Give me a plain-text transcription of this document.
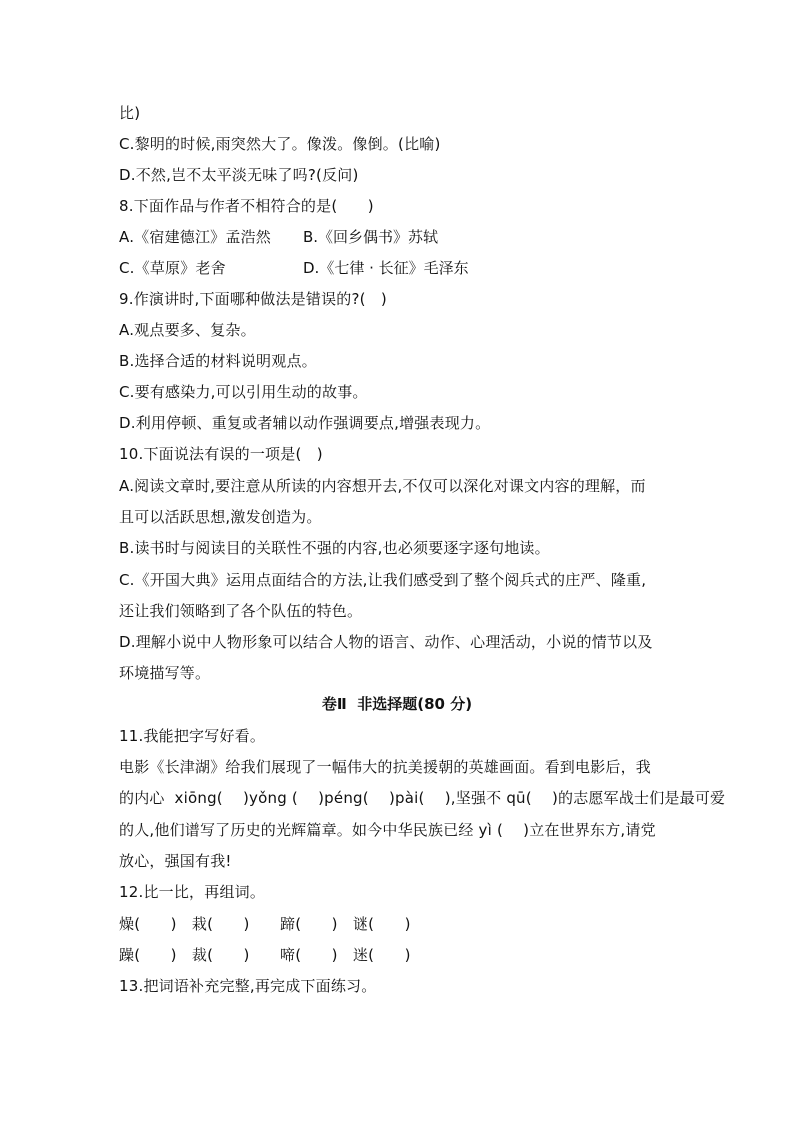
比)
C.黎明的时候,雨突然大了。像泼。像倒。(比喻)
D.不然,岂不太平淡无味了吗?(反问)
8.下面作品与作者不相符合的是(　　)
A.《宿建德江》孟浩然 B.《回乡偶书》苏轼
C.《草原》老舍	D.《七律 · 长征》毛泽东
9.作演讲时,下面哪种做法是错误的?(　)
A.观点要多、复杂。
B.选择合适的材料说明观点。
C.要有感染力,可以引用生动的故事。
D.利用停顿、重复或者辅以动作强调要点,增强表现力。
10.下面说法有误的一项是(　)
A.阅读文章时,要注意从所读的内容想开去,不仅可以深化对课文内容的理解，而
且可以活跃思想,激发创造为。
B.读书时与阅读目的关联性不强的内容,也必须要逐字逐句地读。
C.《开国大典》运用点面结合的方法,让我们感受到了整个阅兵式的庄严、隆重,
还让我们领略到了各个队伍的特色。
D.理解小说中人物形象可以结合人物的语言、动作、心理活动，小说的情节以及
环境描写等。
卷Ⅱ  非选择题(80 分)
11.我能把字写好看。
电影《长津湖》给我们展现了一幅伟大的抗美援朝的英雄画面。看到电影后，我
的内心  xiōng(　 )yǒng (　 )péng(　 )pài(　 ),坚强不 qū(　 )的志愿军战士们是最可爱
的人,他们谱写了历史的光辉篇章。如今中华民族已经 yì (　 )立在世界东方,请党
放心，强国有我!
12.比一比，再组词。
燥(　　)　栽(　　)　　蹄(　　)　谜(　　)
躁(　　)　裁(　　)　　啼(　　)　迷(　　)
13.把词语补充完整,再完成下面练习。
